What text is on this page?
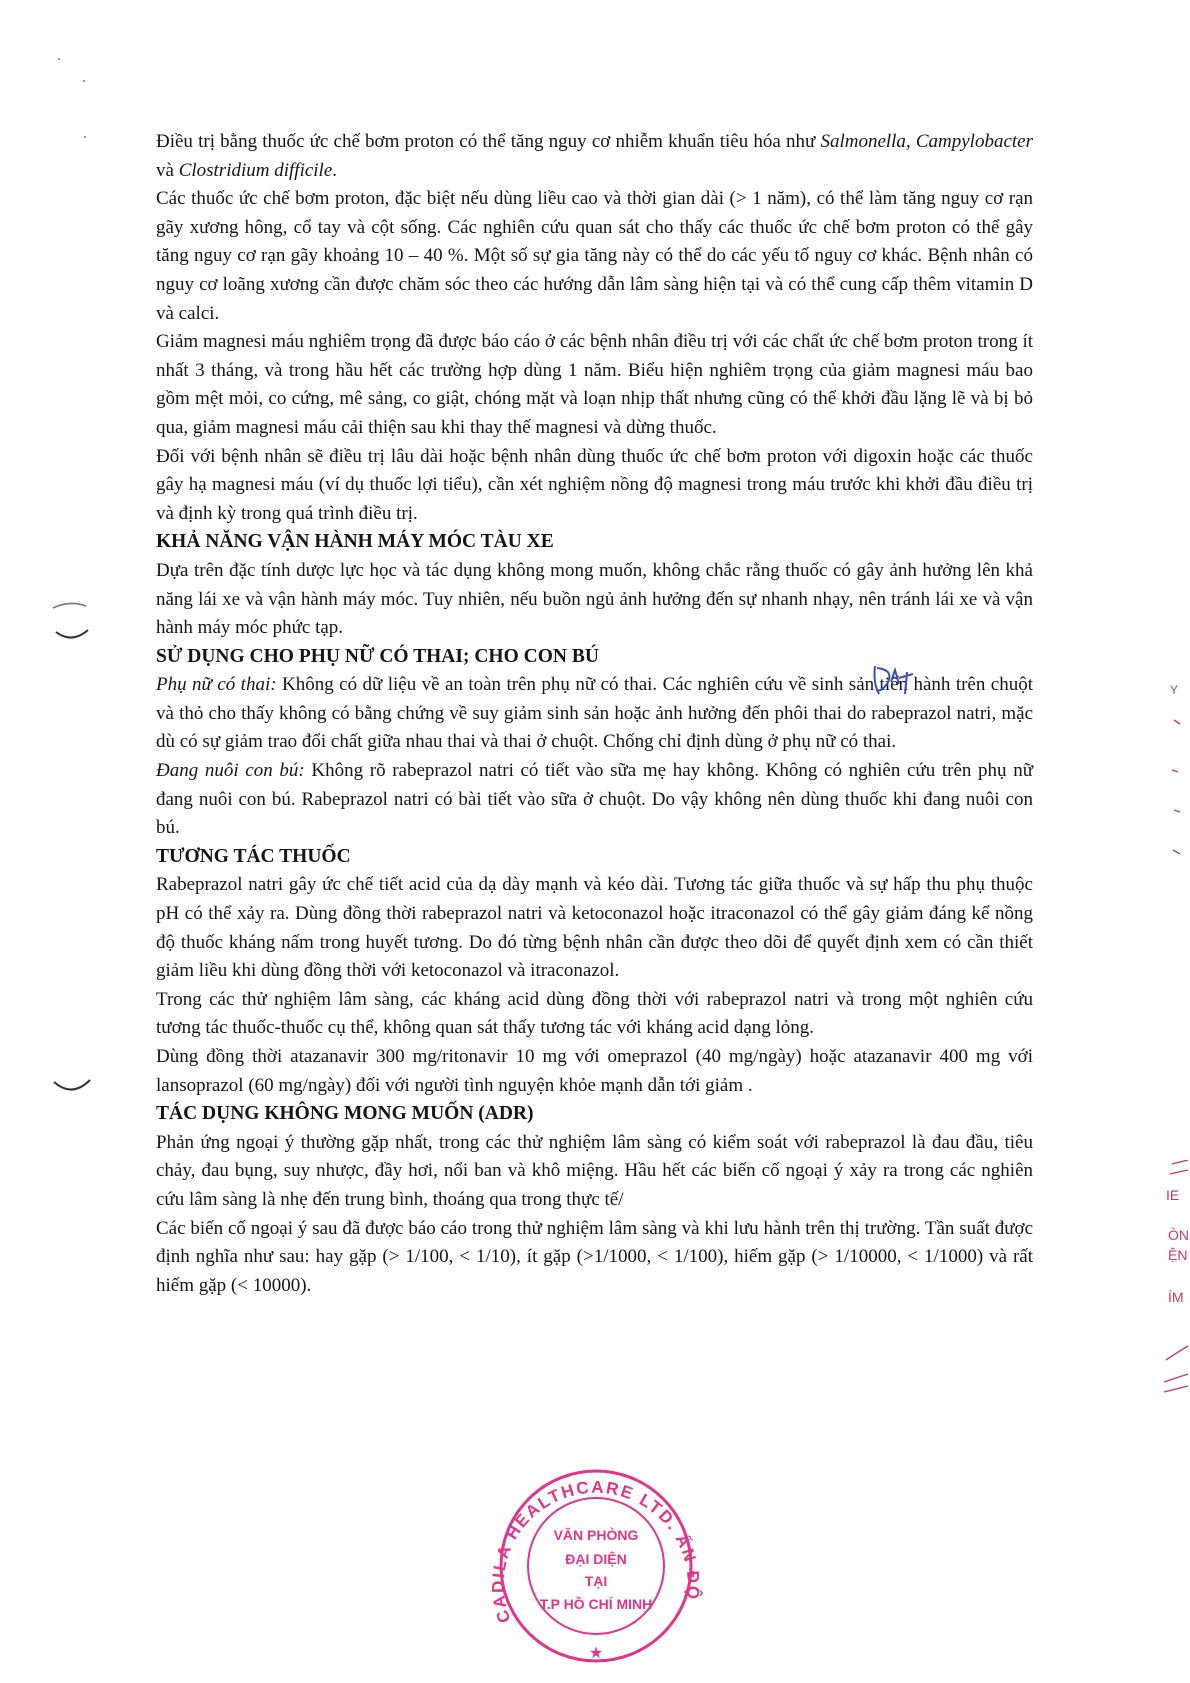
Y
IE
ÒN
ỆN
ÍM

Điều trị bằng thuốc ức chế bơm proton có thể tăng nguy cơ nhiễm khuẩn tiêu hóa như Salmonella, Campylobacter và Clostridium difficile.

Các thuốc ức chế bơm proton, đặc biệt nếu dùng liều cao và thời gian dài (> 1 năm), có thể làm tăng nguy cơ rạn gãy xương hông, cổ tay và cột sống. Các nghiên cứu quan sát cho thấy các thuốc ức chế bơm proton có thể gây tăng nguy cơ rạn gãy khoảng 10 – 40 %. Một số sự gia tăng này có thể do các yếu tố nguy cơ khác. Bệnh nhân có nguy cơ loãng xương cần được chăm sóc theo các hướng dẫn lâm sàng hiện tại và có thể cung cấp thêm vitamin D và calci.

Giảm magnesi máu nghiêm trọng đã được báo cáo ở các bệnh nhân điều trị với các chất ức chế bơm proton trong ít nhất 3 tháng, và trong hầu hết các trường hợp dùng 1 năm. Biểu hiện nghiêm trọng của giảm magnesi máu bao gồm mệt mỏi, co cứng, mê sảng, co giật, chóng mặt và loạn nhịp thất nhưng cũng có thể khởi đầu lặng lẽ và bị bỏ qua, giảm magnesi máu cải thiện sau khi thay thế magnesi và dừng thuốc.

Đối với bệnh nhân sẽ điều trị lâu dài hoặc bệnh nhân dùng thuốc ức chế bơm proton với digoxin hoặc các thuốc gây hạ magnesi máu (ví dụ thuốc lợi tiểu), cần xét nghiệm nồng độ magnesi trong máu trước khi khởi đầu điều trị và định kỳ trong quá trình điều trị.

KHẢ NĂNG VẬN HÀNH MÁY MÓC TÀU XE

Dựa trên đặc tính dược lực học và tác dụng không mong muốn, không chắc rằng thuốc có gây ảnh hưởng lên khả năng lái xe và vận hành máy móc. Tuy nhiên, nếu buồn ngủ ảnh hưởng đến sự nhanh nhạy, nên tránh lái xe và vận hành máy móc phức tạp.

SỬ DỤNG CHO PHỤ NỮ CÓ THAI; CHO CON BÚ

Phụ nữ có thai: Không có dữ liệu về an toàn trên phụ nữ có thai. Các nghiên cứu về sinh sản tiến hành trên chuột và thỏ cho thấy không có bằng chứng về suy giảm sinh sản hoặc ảnh hưởng đến phôi thai do rabeprazol natri, mặc dù có sự giảm trao đổi chất giữa nhau thai và thai ở chuột. Chống chỉ định dùng ở phụ nữ có thai.

Đang nuôi con bú: Không rõ rabeprazol natri có tiết vào sữa mẹ hay không. Không có nghiên cứu trên phụ nữ đang nuôi con bú. Rabeprazol natri có bài tiết vào sữa ở chuột. Do vậy không nên dùng thuốc khi đang nuôi con bú.

TƯƠNG TÁC THUỐC

Rabeprazol natri gây ức chế tiết acid của dạ dày mạnh và kéo dài. Tương tác giữa thuốc và sự hấp thu phụ thuộc pH có thể xảy ra. Dùng đồng thời rabeprazol natri và ketoconazol hoặc itraconazol có thể gây giảm đáng kể nồng độ thuốc kháng nấm trong huyết tương. Do đó từng bệnh nhân cần được theo dõi để quyết định xem có cần thiết giảm liều khi dùng đồng thời với ketoconazol và itraconazol.

Trong các thử nghiệm lâm sàng, các kháng acid dùng đồng thời với rabeprazol natri và trong một nghiên cứu tương tác thuốc-thuốc cụ thể, không quan sát thấy tương tác với kháng acid dạng lỏng.

Dùng đồng thời atazanavir 300 mg/ritonavir 10 mg với omeprazol (40 mg/ngày) hoặc atazanavir 400 mg với lansoprazol (60 mg/ngày) đối với người tình nguyện khỏe mạnh dẫn tới giảm .

TÁC DỤNG KHÔNG MONG MUỐN (ADR)

Phản ứng ngoại ý thường gặp nhất, trong các thử nghiệm lâm sàng có kiểm soát với rabeprazol là đau đầu, tiêu chảy, đau bụng, suy nhược, đầy hơi, nổi ban và khô miệng. Hầu hết các biến cố ngoại ý xảy ra trong các nghiên cứu lâm sàng là nhẹ đến trung bình, thoáng qua trong thực tế/

Các biến cố ngoại ý sau đã được báo cáo trong thử nghiệm lâm sàng và khi lưu hành trên thị trường. Tần suất được định nghĩa như sau: hay gặp (> 1/100, < 1/10), ít gặp (>1/1000, < 1/100), hiếm gặp (> 1/10000, < 1/1000) và rất hiếm gặp (< 10000).

CADILA HEALTHCARE LTD. ẤN ĐỘ
★
VĂN PHÒNG
ĐẠI DIỆN
TẠI
T.P HỒ CHÍ MINH
